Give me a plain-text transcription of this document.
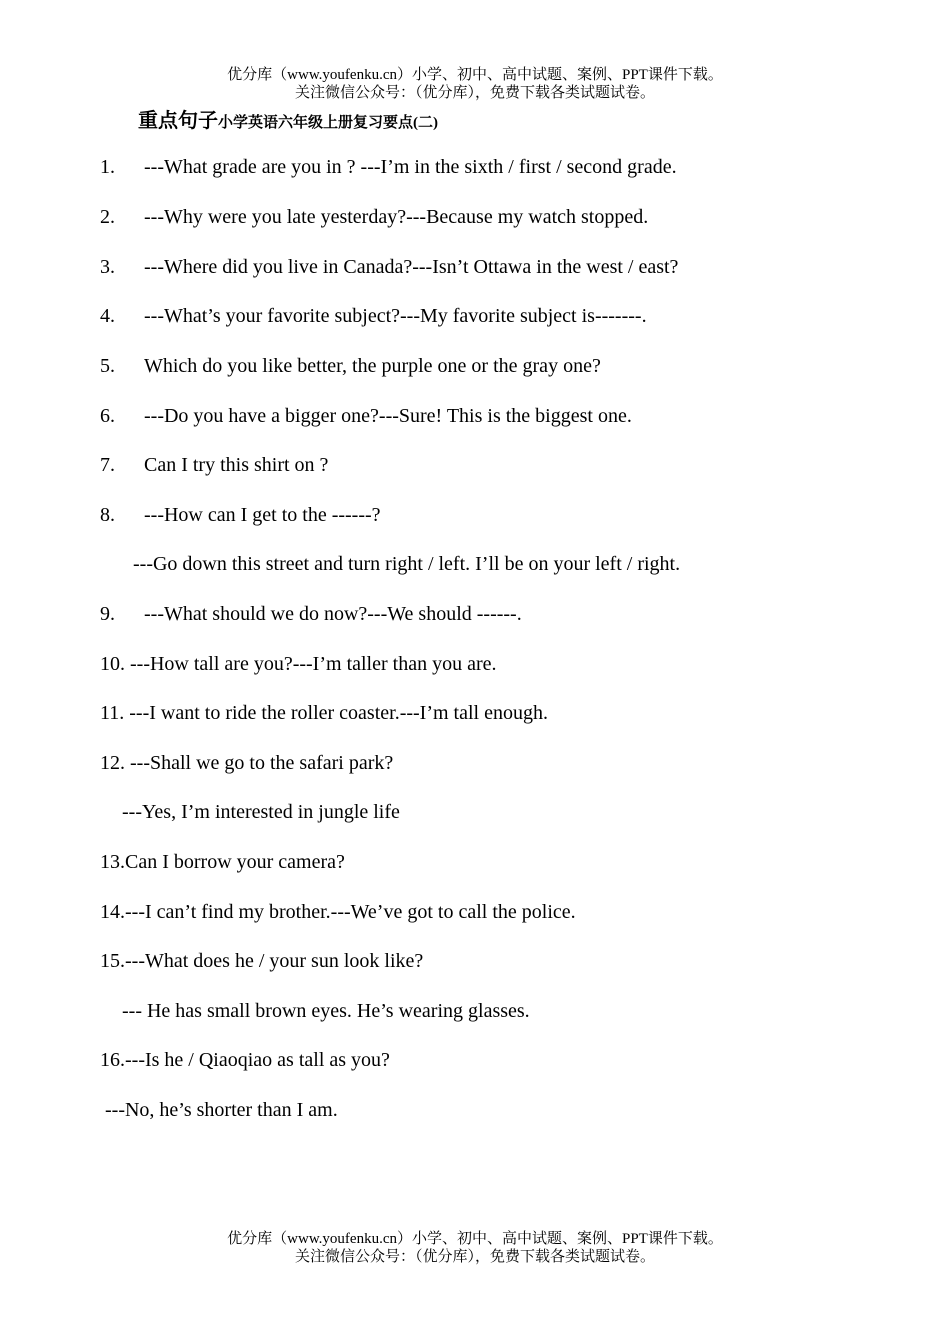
优分库（www.youfenku.cn）小学、初中、高中试题、案例、PPT课件下载。
关注微信公众号：（优分库），免费下载各类试题试卷。
重点句子小学英语六年级上册复习要点(二)
1. ---What grade are you in ? ---I’m in the sixth / first / second grade.
2. ---Why were you late yesterday?---Because my watch stopped.
3. ---Where did you live in Canada?---Isn’t Ottawa in the west / east?
4. ---What’s your favorite subject?---My favorite subject is-------.
5. Which do you like better, the purple one or the gray one?
6. ---Do you have a bigger one?---Sure! This is the biggest one.
7. Can I try this shirt on ?
8. ---How can I get to the ------?
---Go down this street and turn right / left. I’ll be on your left / right.
9. ---What should we do now?---We should ------.
10. ---How tall are you?---I’m taller than you are.
11. ---I want to ride the roller coaster.---I’m tall enough.
12. ---Shall we go to the safari park?
---Yes, I’m interested in jungle life
13.Can I borrow your camera?
14.---I can’t find my brother.---We’ve got to call the police.
15.---What does he / your sun look like?
--- He has small brown eyes. He’s wearing glasses.
16.---Is he / Qiaoqiao as tall as you?
---No, he’s shorter than I am.
优分库（www.youfenku.cn）小学、初中、高中试题、案例、PPT课件下载。
关注微信公众号：（优分库），免费下载各类试题试卷。
